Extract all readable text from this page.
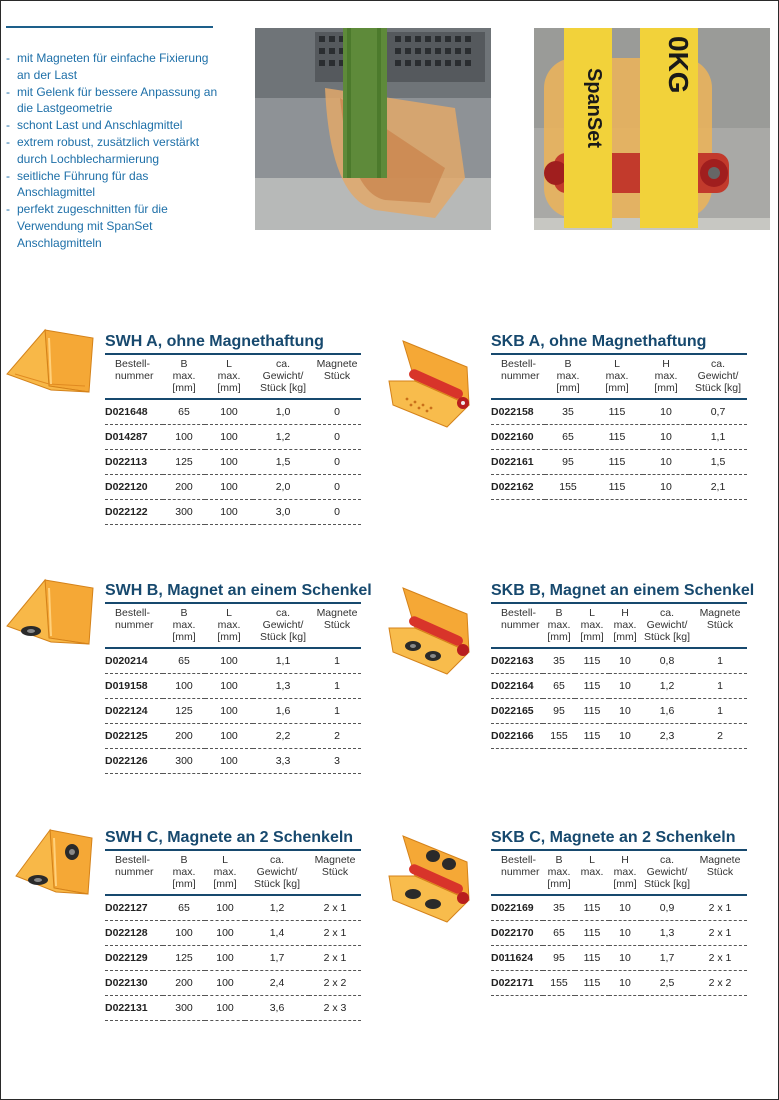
- mit Magneten für einfache Fixierung an der Last
- mit Gelenk für bessere Anpassung an die Lastgeometrie
- schont Last und Anschlagmittel
- extrem robust, zusätzlich verstärkt durch Lochblecharmierung
- seitliche Führung für das Anschlagmittel
- perfekt zugeschnitten für die Verwendung mit SpanSet Anschlagmitteln
SpanSet
0KG
SWH A, ohne Magnethaftung
Bestell-
nummer	B
max.
[mm]	L
max.
[mm]	ca.
Gewicht/
Stück [kg]	Magnete
Stück
D021648	65	100	1,0	0
D014287	100	100	1,2	0
D022113	125	100	1,5	0
D022120	200	100	2,0	0
D022122	300	100	3,0	0
SKB A, ohne Magnethaftung
Bestell-
nummer	B
max.
[mm]	L
max.
[mm]	H
max.
[mm]	ca.
Gewicht/
Stück [kg]
D022158	35	115	10	0,7
D022160	65	115	10	1,1
D022161	95	115	10	1,5
D022162	155	115	10	2,1
SWH B, Magnet an einem Schenkel
Bestell-
nummer	B
max.
[mm]	L
max.
[mm]	ca.
Gewicht/
Stück [kg]	Magnete
Stück
D020214	65	100	1,1	1
D019158	100	100	1,3	1
D022124	125	100	1,6	1
D022125	200	100	2,2	2
D022126	300	100	3,3	3
SKB B, Magnet an einem Schenkel
Bestell-
nummer	B
max.
[mm]	L
max.
[mm]	H
max.
[mm]	ca.
Gewicht/
Stück [kg]	Magnete
Stück
D022163	35	115	10	0,8	1
D022164	65	115	10	1,2	1
D022165	95	115	10	1,6	1
D022166	155	115	10	2,3	2
SWH C, Magnete an 2 Schenkeln
Bestell-
nummer	B
max.
[mm]	L
max.
[mm]	ca.
Gewicht/
Stück [kg]	Magnete
Stück
D022127	65	100	1,2	2 x 1
D022128	100	100	1,4	2 x 1
D022129	125	100	1,7	2 x 1
D022130	200	100	2,4	2 x 2
D022131	300	100	3,6	2 x 3
SKB C, Magnete an 2 Schenkeln
Bestell-
nummer	B
max.
[mm]	L
max.	H
max.
[mm]	ca.
Gewicht/
Stück [kg]	Magnete
Stück
D022169	35	115	10	0,9	2 x 1
D022170	65	115	10	1,3	2 x 1
D011624	95	115	10	1,7	2 x 1
D022171	155	115	10	2,5	2 x 2
